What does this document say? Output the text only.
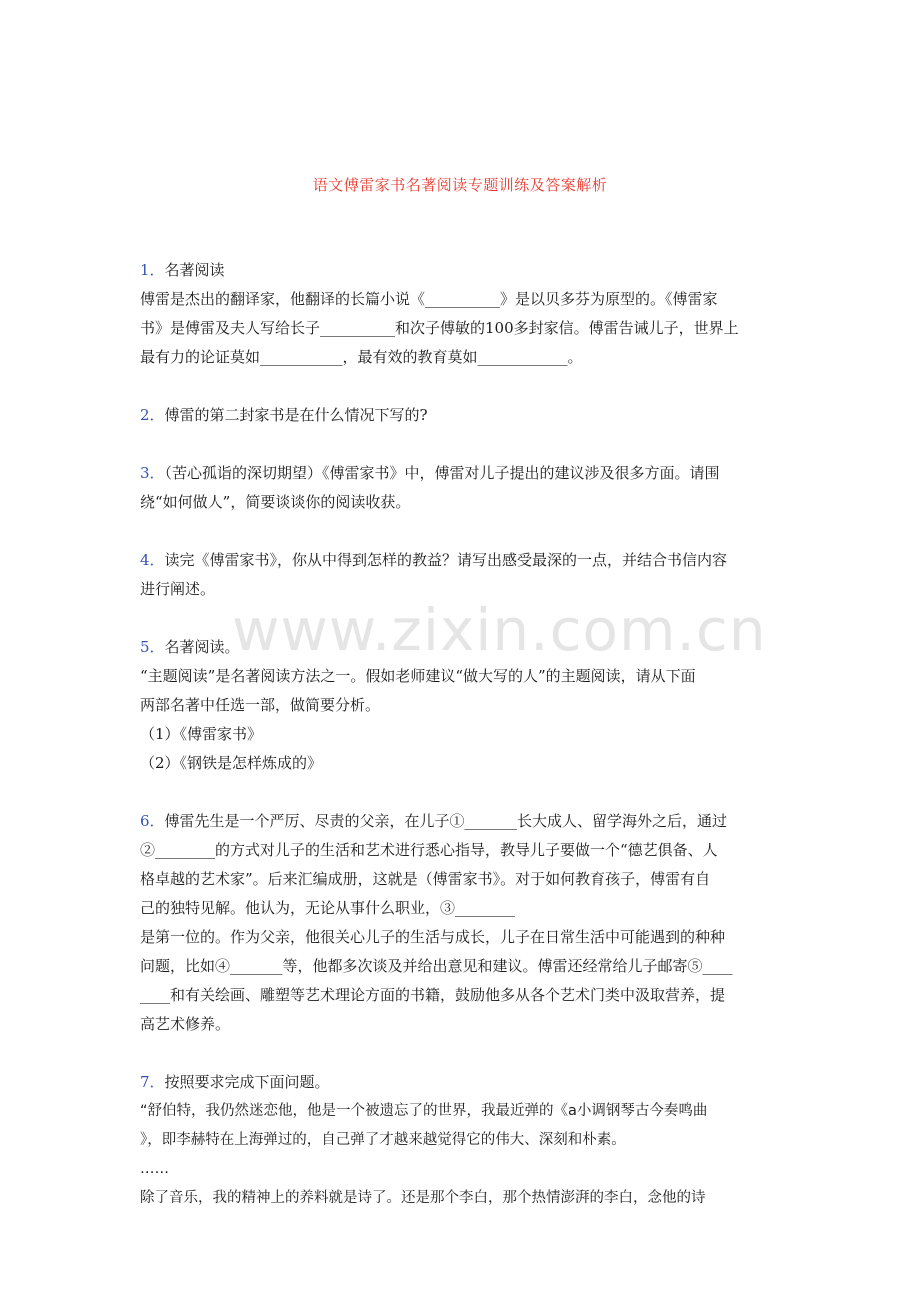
语文傅雷家书名著阅读专题训练及答案解析
www.zixin.com.cn
1．名著阅读
傅雷是杰出的翻译家，他翻译的长篇小说《__________》是以贝多芬为原型的。《傅雷家
书》是傅雷及夫人写给长子__________和次子傅敏的100多封家信。傅雷告诫儿子，世界上
最有力的论证莫如___________，最有效的教育莫如____________。
2．傅雷的第二封家书是在什么情况下写的?
3．（苦心孤诣的深切期望）《傅雷家书》中，傅雷对儿子提出的建议涉及很多方面。请围
绕“如何做人”，简要谈谈你的阅读收获。
4．读完《傅雷家书》，你从中得到怎样的教益？请写出感受最深的一点，并结合书信内容
进行阐述。
5．名著阅读。
“主题阅读”是名著阅读方法之一。假如老师建议“做大写的人”的主题阅读，请从下面
两部名著中任选一部，做简要分析。
（1）《傅雷家书》
（2）《钢铁是怎样炼成的》
6．傅雷先生是一个严厉、尽责的父亲，在儿子①_______长大成人、留学海外之后，通过
②________的方式对儿子的生活和艺术进行悉心指导，教导儿子要做一个“德艺俱备、人
格卓越的艺术家”。后来汇编成册，这就是（傅雷家书》。对于如何教育孩子，傅雷有自
己的独特见解。他认为，无论从事什么职业，③________
是第一位的。作为父亲，他很关心儿子的生活与成长，儿子在日常生活中可能遇到的种种
问题，比如④_______等，他都多次谈及并给出意见和建议。傅雷还经常给儿子邮寄⑤____
____和有关绘画、雕塑等艺术理论方面的书籍，鼓励他多从各个艺术门类中汲取营养，提
高艺术修养。
7．按照要求完成下面问题。
“舒伯特，我仍然迷恋他，他是一个被遗忘了的世界，我最近弹的《a小调钢琴古今奏鸣曲
》，即李赫特在上海弹过的，自己弹了才越来越觉得它的伟大、深刻和朴素。
……
除了音乐，我的精神上的养料就是诗了。还是那个李白，那个热情澎湃的李白，念他的诗
